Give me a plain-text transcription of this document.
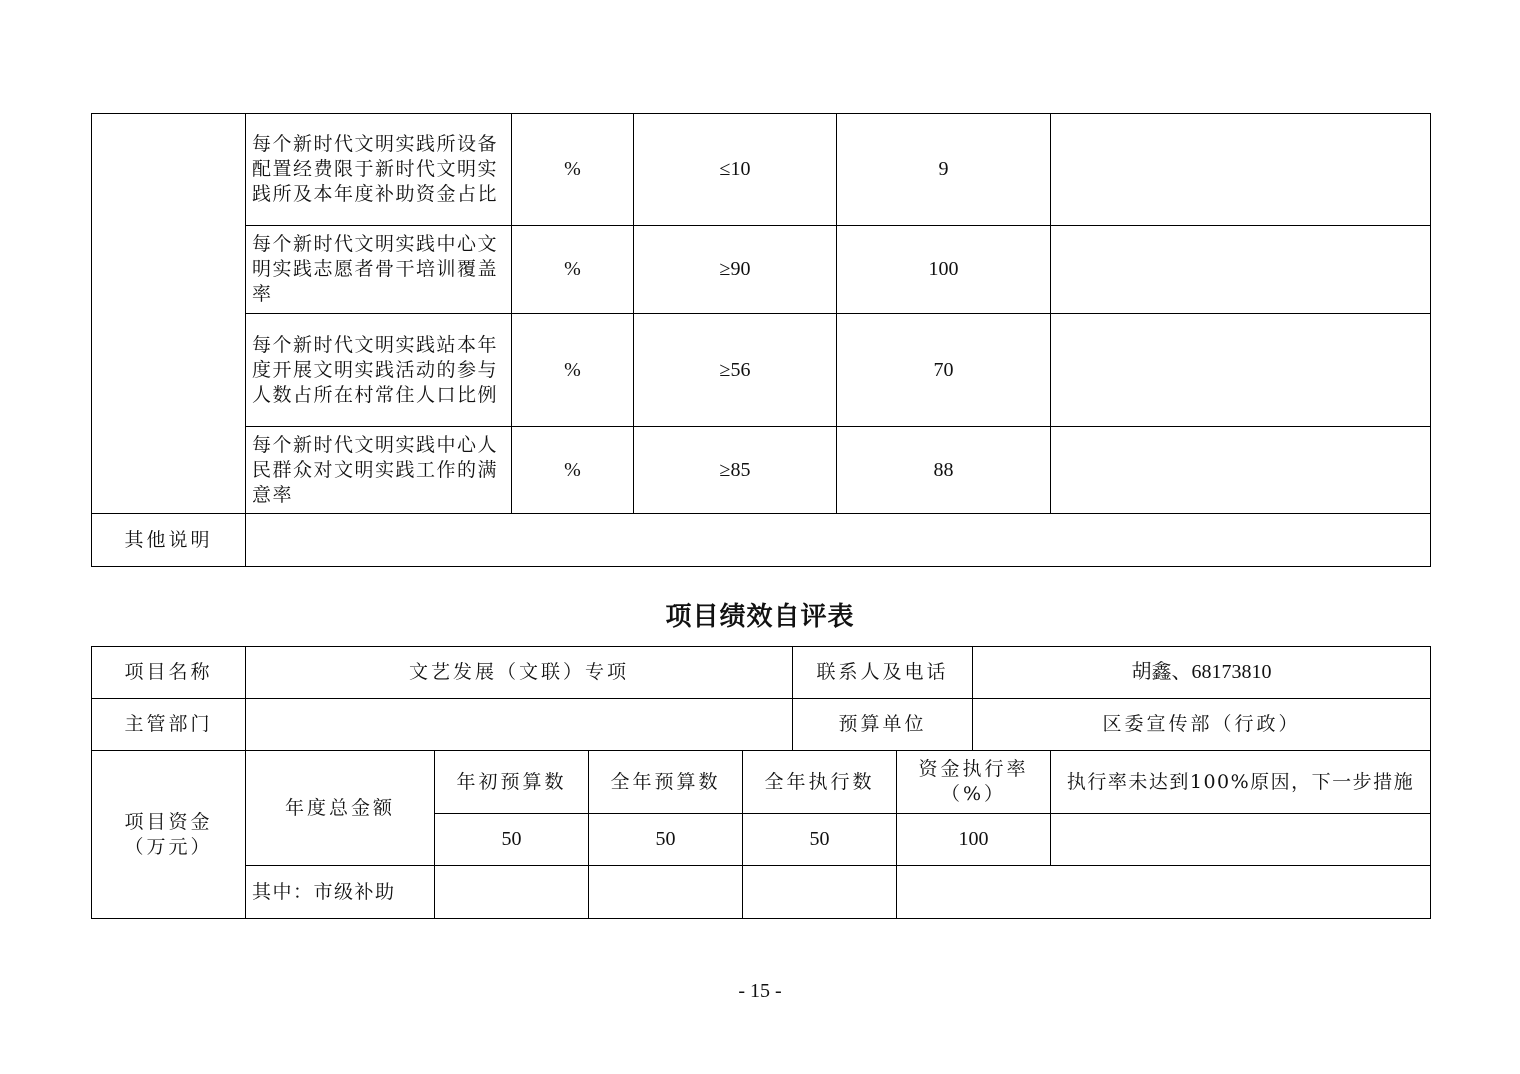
	每个新时代文明实践所设备配置经费限于新时代文明实践所及本年度补助资金占比	%	≤10	9	
	每个新时代文明实践中心文明实践志愿者骨干培训覆盖率	%	≥90	100	
	每个新时代文明实践站本年度开展文明实践活动的参与人数占所在村常住人口比例	%	≥56	70	
	每个新时代文明实践中心人民群众对文明实践工作的满意率	%	≥85	88	
其他说明					
项目绩效自评表
项目名称	文艺发展（文联）专项				联系人及电话		胡鑫、68173810	
主管部门					预算单位		区委宣传部（行政）	
项目资金（万元）	年度总金额	年初预算数	全年预算数	全年执行数		资金执行率（%）		执行率未达到100%原因，下一步措施
		50	50	50		100		
	其中：市级补助							
- 15 -
